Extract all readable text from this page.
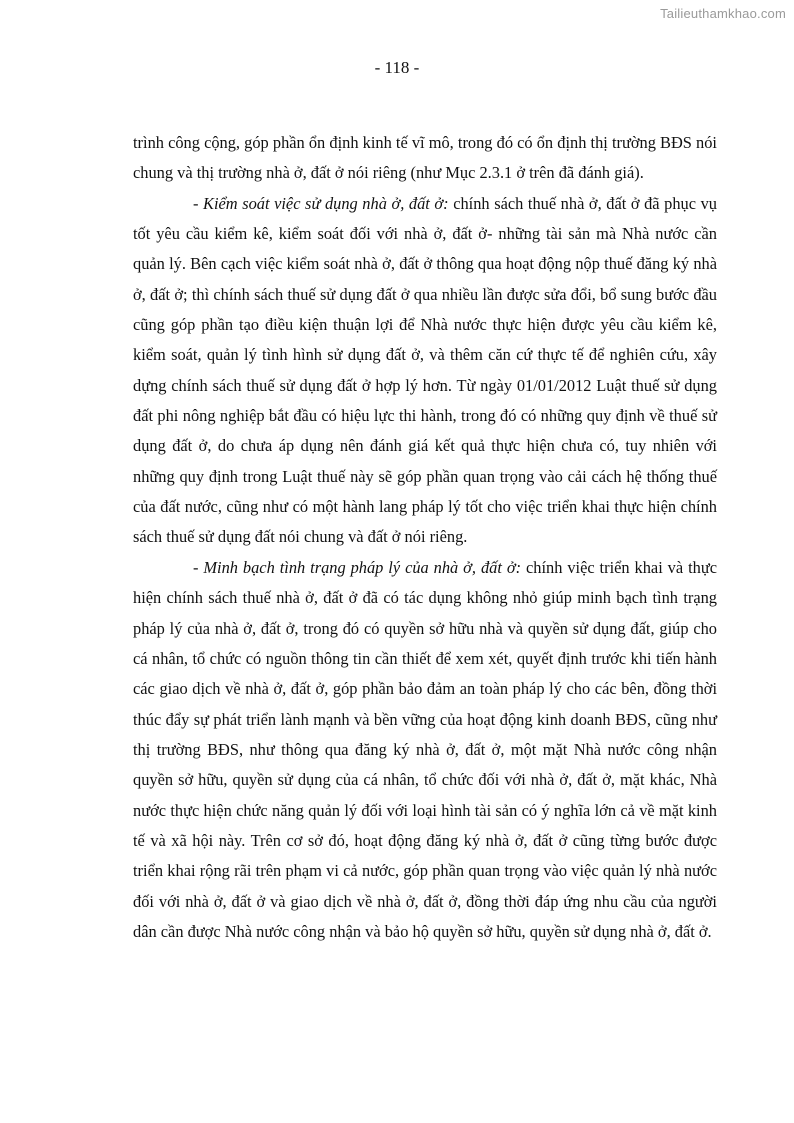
Tailieuthamkhao.com
- 118 -

trình công cộng, góp phần ổn định kinh tế vĩ mô, trong đó có ổn định thị trường BĐS nói chung và thị trường nhà ở, đất ở nói riêng (như Mục 2.3.1 ở trên đã đánh giá).

- Kiểm soát việc sử dụng nhà ở, đất ở: chính sách thuế nhà ở, đất ở đã phục vụ tốt yêu cầu kiểm kê, kiểm soát đối với nhà ở, đất ở- những tài sản mà Nhà nước cần quản lý. Bên cạch việc kiểm soát nhà ở, đất ở thông qua hoạt động nộp thuế đăng ký nhà ở, đất ở; thì chính sách thuế sử dụng đất ở qua nhiều lần được sửa đổi, bổ sung bước đầu cũng góp phần tạo điều kiện thuận lợi để Nhà nước thực hiện được yêu cầu kiểm kê, kiểm soát, quản lý tình hình sử dụng đất ở, và thêm căn cứ thực tế để nghiên cứu, xây dựng chính sách thuế sử dụng đất ở hợp lý hơn. Từ ngày 01/01/2012 Luật thuế sử dụng đất phi nông nghiệp bắt đầu có hiệu lực thi hành, trong đó có những quy định về thuế sử dụng đất ở, do chưa áp dụng nên đánh giá kết quả thực hiện chưa có, tuy nhiên với những quy định trong Luật thuế này sẽ góp phần quan trọng vào cải cách hệ thống thuế của đất nước, cũng như có một hành lang pháp lý tốt cho việc triển khai thực hiện chính sách thuế sử dụng đất nói chung và đất ở nói riêng.

- Minh bạch tình trạng pháp lý của nhà ở, đất ở: chính việc triển khai và thực hiện chính sách thuế nhà ở, đất ở đã có tác dụng không nhỏ giúp minh bạch tình trạng pháp lý của nhà ở, đất ở, trong đó có quyền sở hữu nhà và quyền sử dụng đất, giúp cho cá nhân, tổ chức có nguồn thông tin cần thiết để xem xét, quyết định trước khi tiến hành các giao dịch về nhà ở, đất ở, góp phần bảo đảm an toàn pháp lý cho các bên, đồng thời thúc đẩy sự phát triển lành mạnh và bền vững của hoạt động kinh doanh BĐS, cũng như thị trường BĐS, như thông qua đăng ký nhà ở, đất ở, một mặt Nhà nước công nhận quyền sở hữu, quyền sử dụng của cá nhân, tổ chức đối với nhà ở, đất ở, mặt khác, Nhà nước thực hiện chức năng quản lý đối với loại hình tài sản có ý nghĩa lớn cả về mặt kinh tế và xã hội này. Trên cơ sở đó, hoạt động đăng ký nhà ở, đất ở cũng từng bước được triển khai rộng rãi trên phạm vi cả nước, góp phần quan trọng vào việc quản lý nhà nước đối với nhà ở, đất ở và giao dịch về nhà ở, đất ở, đồng thời đáp ứng nhu cầu của người dân cần được Nhà nước công nhận và bảo hộ quyền sở hữu, quyền sử dụng nhà ở, đất ở.
